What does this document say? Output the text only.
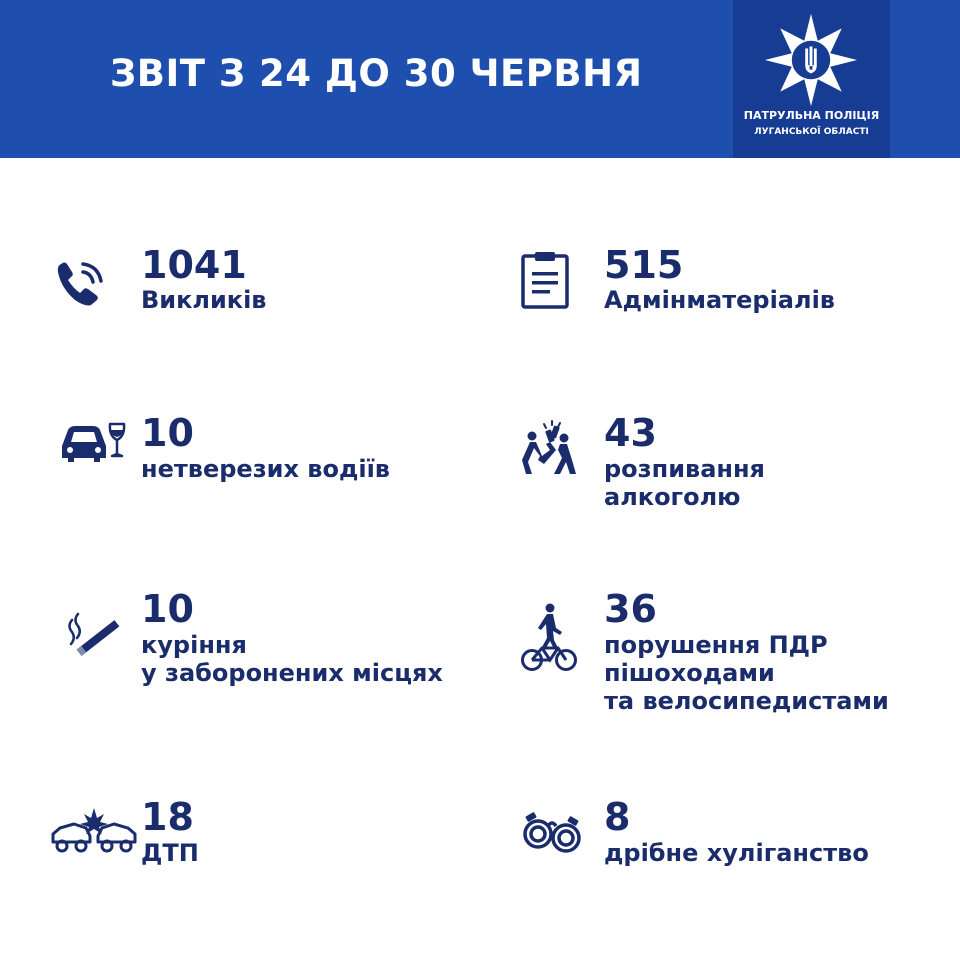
ЗВІТ З 24 ДО 30 ЧЕРВНЯ
ПАТРУЛЬНА ПОЛІЦІЯ
ЛУГАНСЬКОЇ ОБЛАСТІ
1041
Викликів
515
Адмінматеріалів
10
нетверезих водіїв
43
розпивання
алкоголю
10
куріння
у заборонених місцях
36
порушення ПДР
пішоходами
та велосипедистами
18
ДТП
8
дрібне хуліганство
